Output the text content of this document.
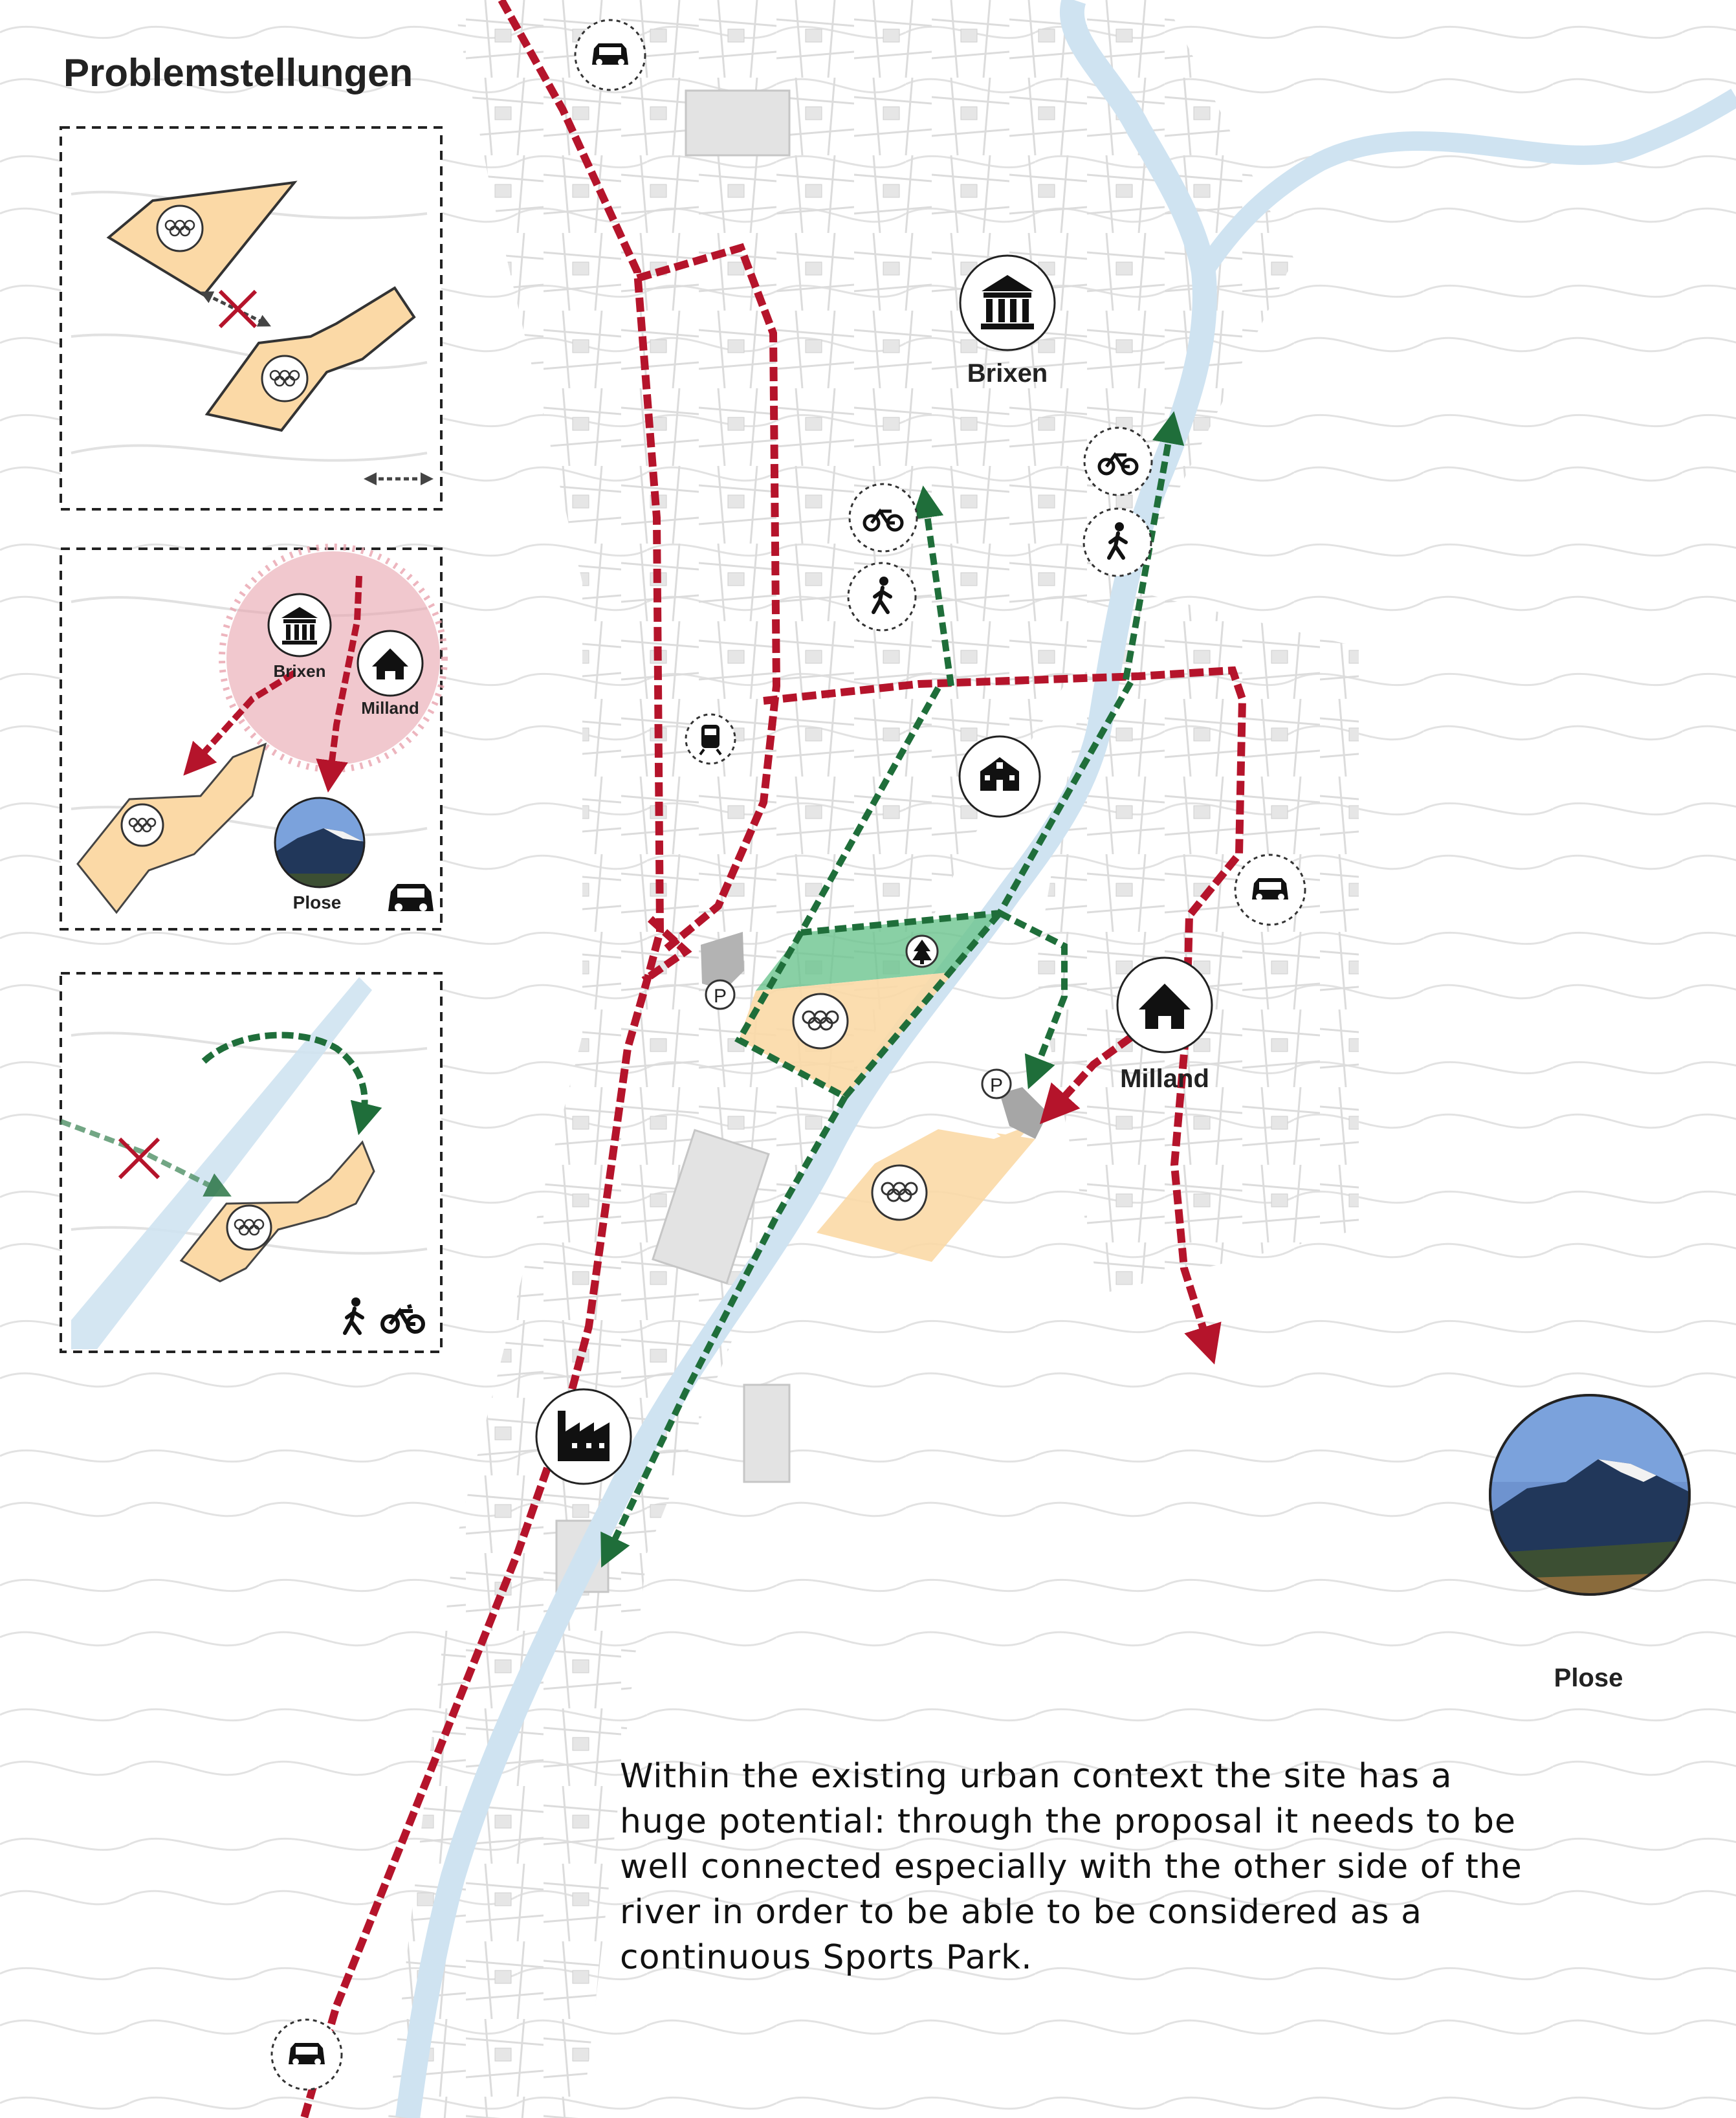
P
P
Brixen
Milland
Plose
Brixen
Milland
Plose
Problemstellungen
Within the existing urban context the site has a huge potential: through the proposal it needs to be well connected especially with the other side of the river in order to be able to be considered as a continuous Sports Park.
